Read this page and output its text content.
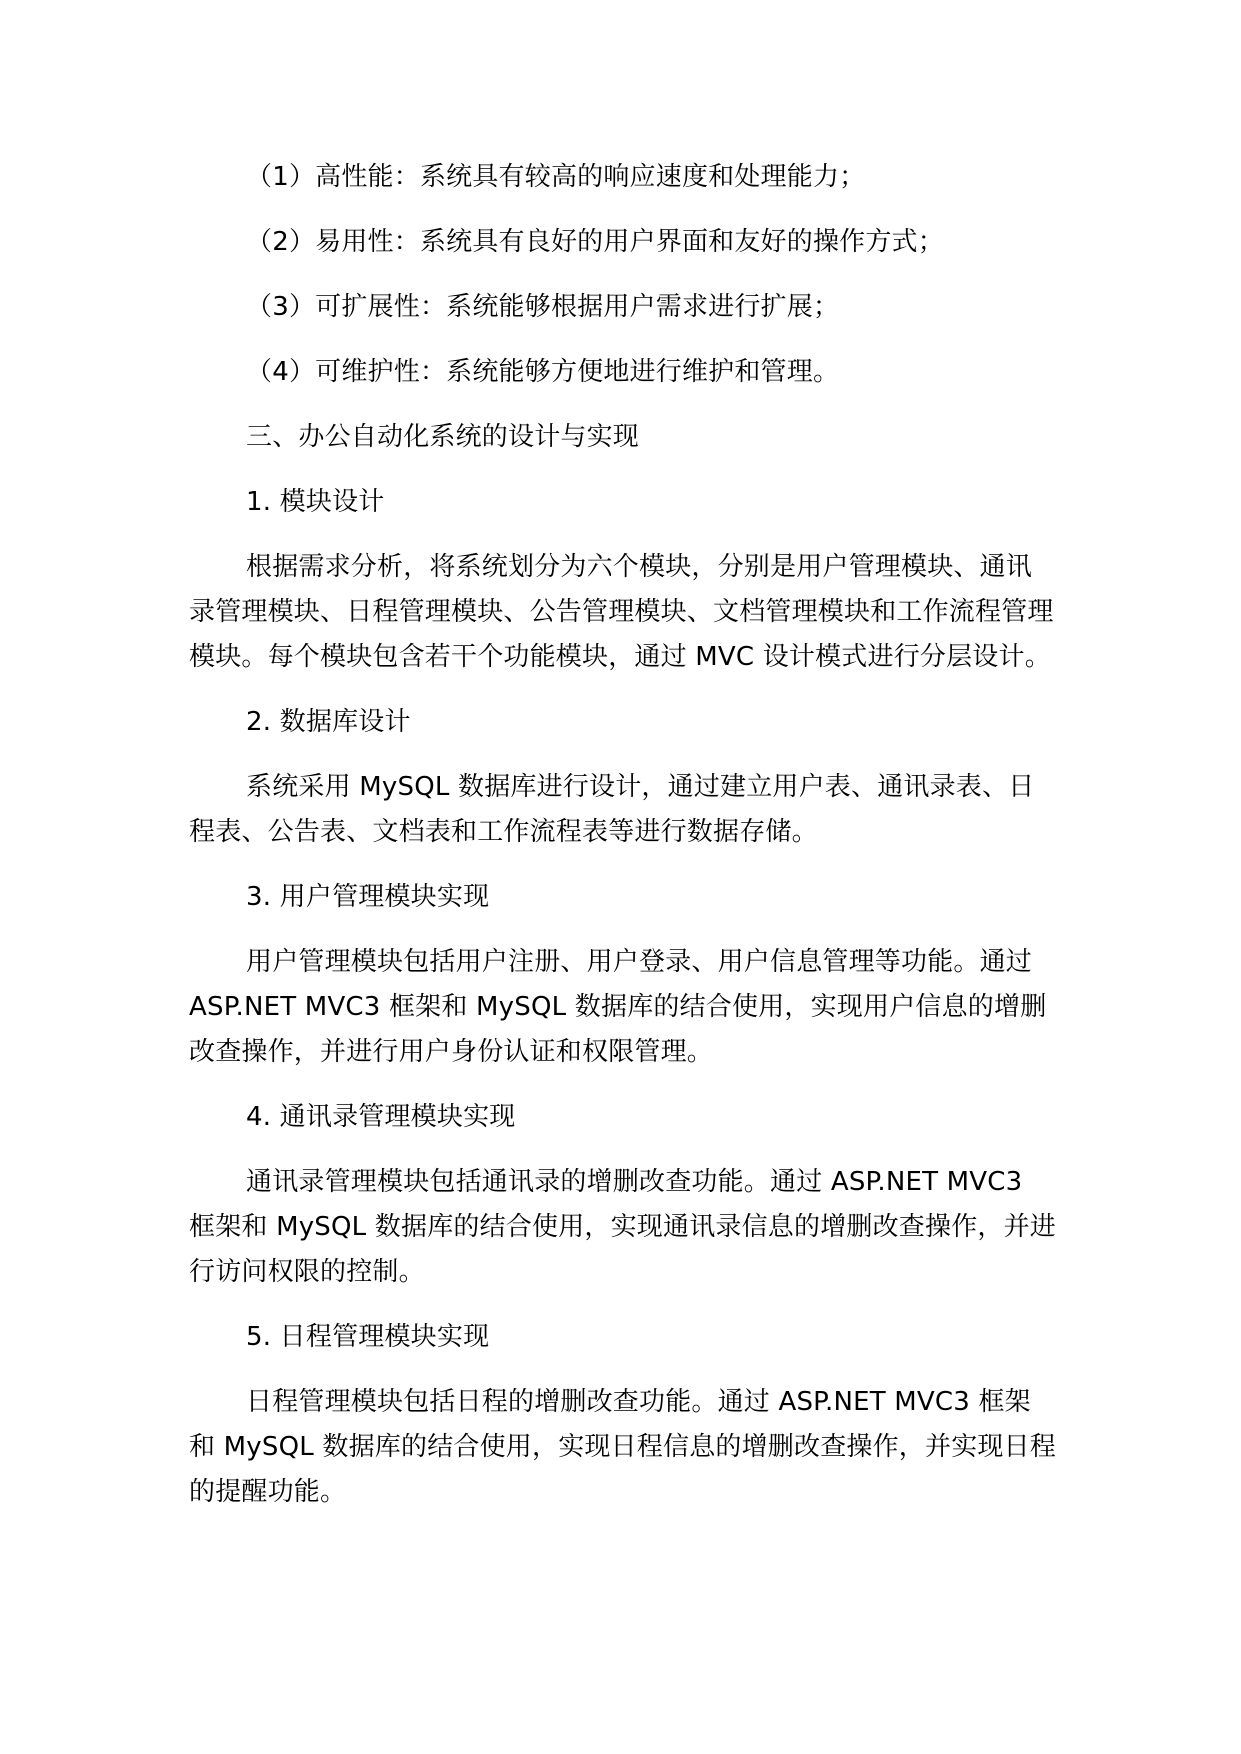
（1）高性能：系统具有较高的响应速度和处理能力；

（2）易用性：系统具有良好的用户界面和友好的操作方式；

（3）可扩展性：系统能够根据用户需求进行扩展；

（4）可维护性：系统能够方便地进行维护和管理。

三、办公自动化系统的设计与实现

1. 模块设计

根据需求分析，将系统划分为六个模块，分别是用户管理模块、通讯录管理模块、日程管理模块、公告管理模块、文档管理模块和工作流程管理模块。每个模块包含若干个功能模块，通过 MVC 设计模式进行分层设计。

2. 数据库设计

系统采用 MySQL 数据库进行设计，通过建立用户表、通讯录表、日程表、公告表、文档表和工作流程表等进行数据存储。

3. 用户管理模块实现

用户管理模块包括用户注册、用户登录、用户信息管理等功能。通过 ASP.NET MVC3 框架和 MySQL 数据库的结合使用，实现用户信息的增删改查操作，并进行用户身份认证和权限管理。

4. 通讯录管理模块实现

通讯录管理模块包括通讯录的增删改查功能。通过 ASP.NET MVC3 框架和 MySQL 数据库的结合使用，实现通讯录信息的增删改查操作，并进行访问权限的控制。

5. 日程管理模块实现

日程管理模块包括日程的增删改查功能。通过 ASP.NET MVC3 框架和 MySQL 数据库的结合使用，实现日程信息的增删改查操作，并实现日程的提醒功能。
